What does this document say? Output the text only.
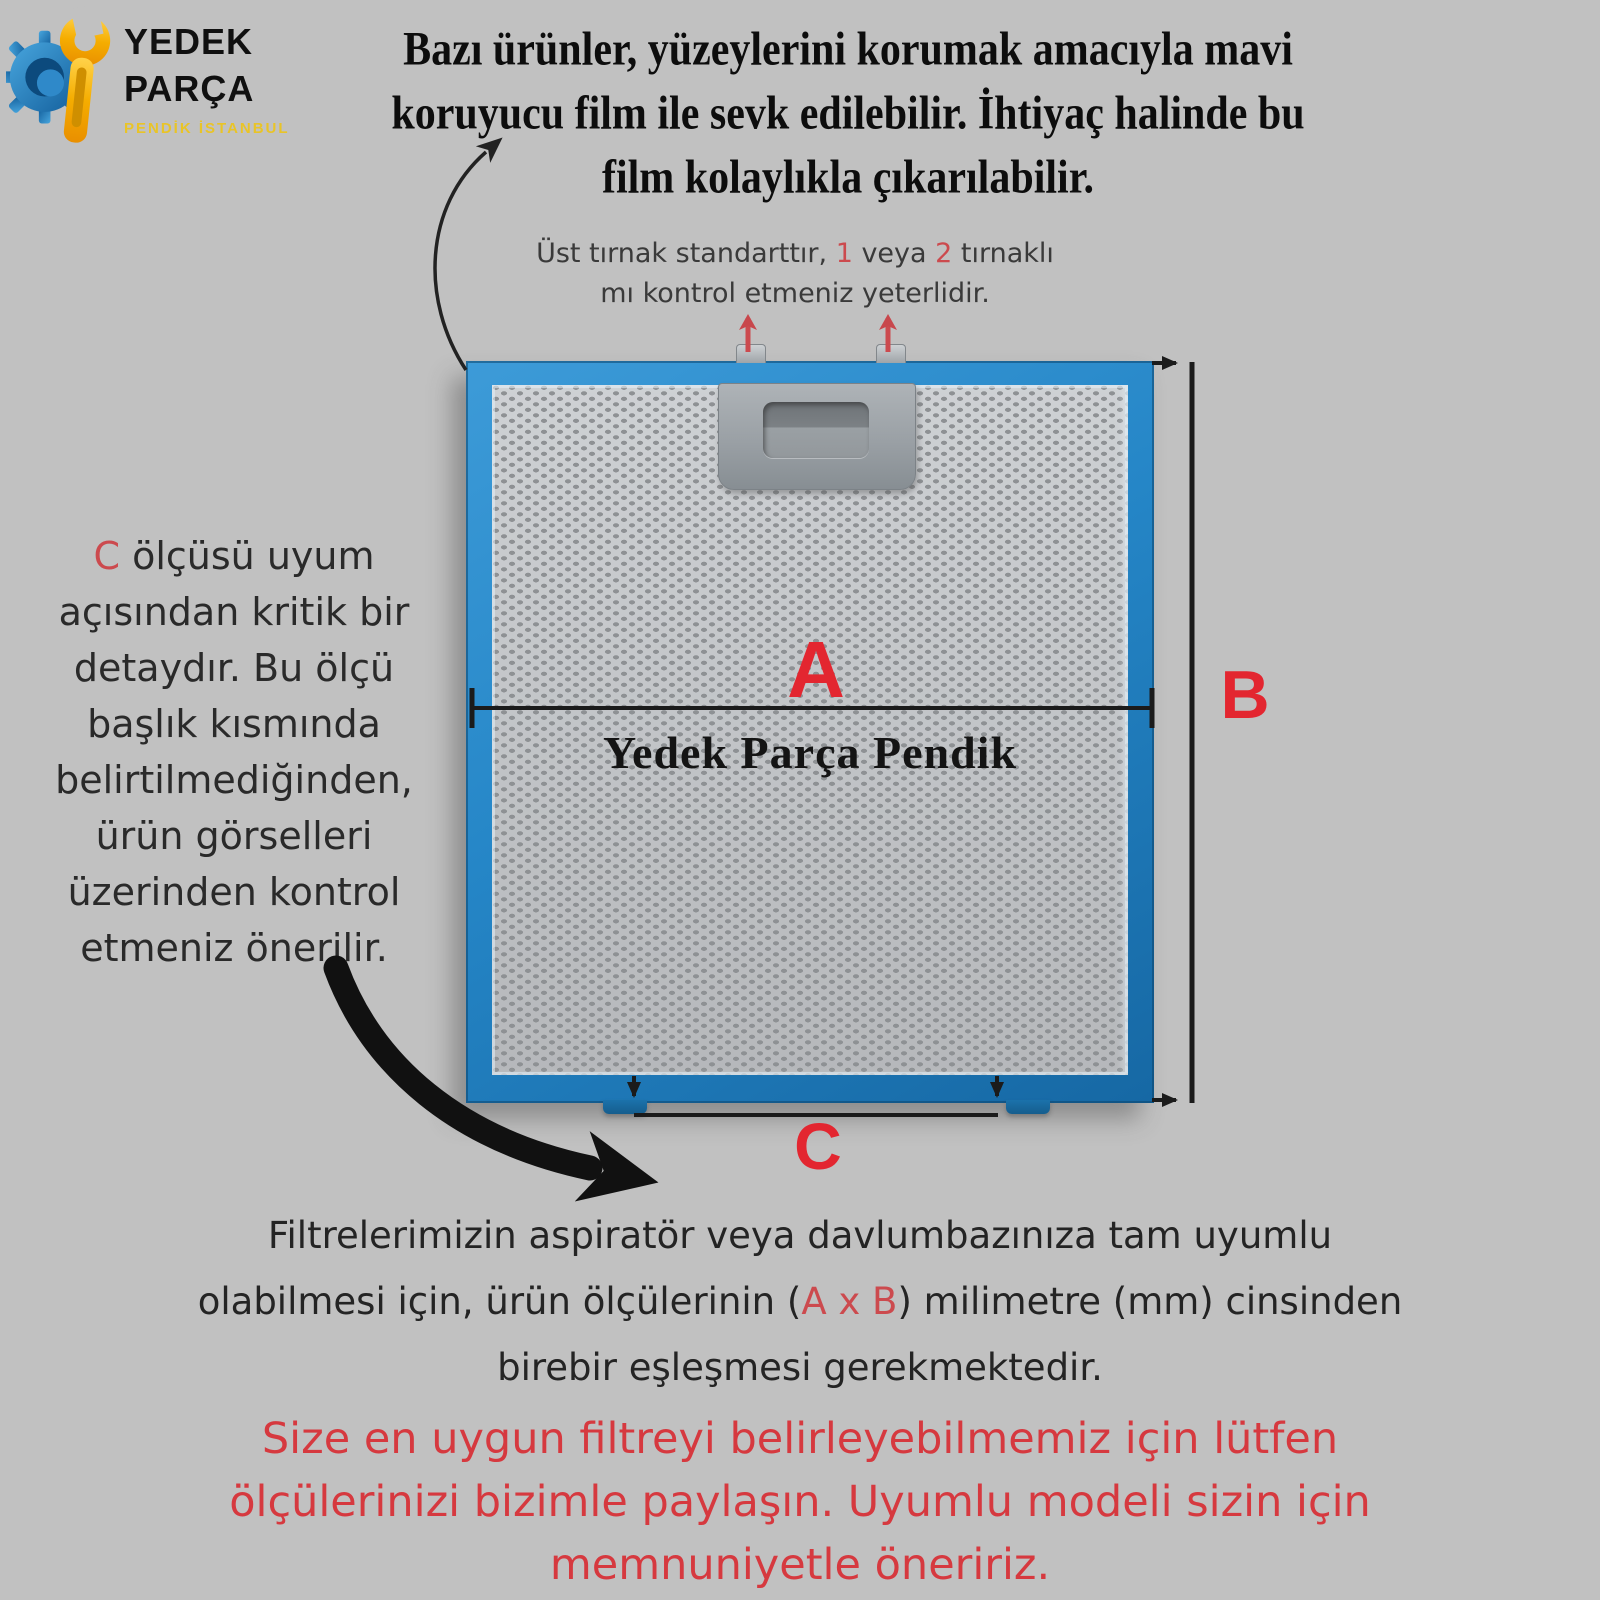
YEDEK
PARÇA
PENDİK İSTANBUL
Bazı ürünler, yüzeylerini korumak amacıyla mavi
koruyucu film ile sevk edilebilir. İhtiyaç halinde bu
film kolaylıkla çıkarılabilir.
Üst tırnak standarttır, 1 veya 2 tırnaklı
mı kontrol etmeniz yeterlidir.
C ölçüsü uyum
açısından kritik bir
detaydır. Bu ölçü
başlık kısmında
belirtilmediğinden,
ürün görselleri
üzerinden kontrol
etmeniz önerilir.
Yedek Parça Pendik
A	B
C
Filtrelerimizin aspiratör veya davlumbazınıza tam uyumlu
olabilmesi için, ürün ölçülerinin (A x B) milimetre (mm) cinsinden
birebir eşleşmesi gerekmektedir.
Size en uygun filtreyi belirleyebilmemiz için lütfen
ölçülerinizi bizimle paylaşın. Uyumlu modeli sizin için
memnuniyetle öneririz.
